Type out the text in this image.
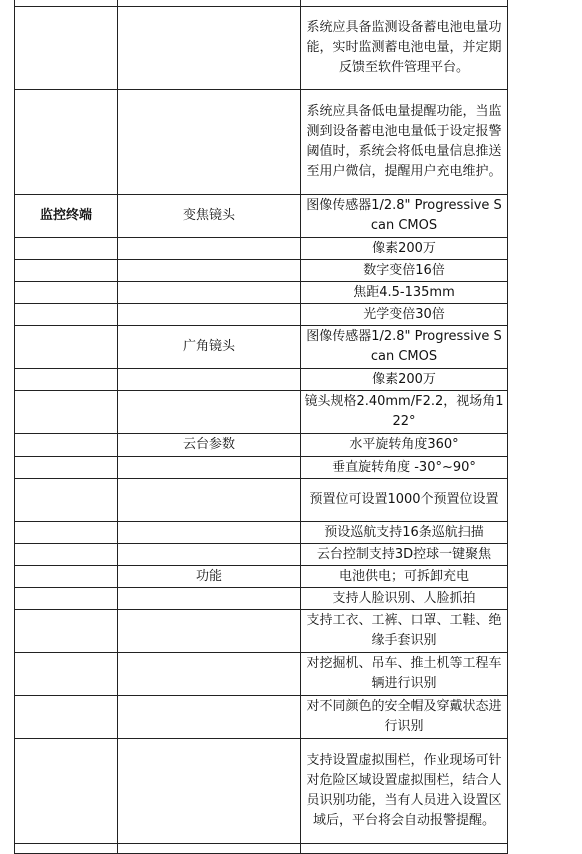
		系统应具备监测设备蓄电池电量功能，实时监测蓄电池电量，并定期反馈至软件管理平台。
		系统应具备低电量提醒功能，当监测到设备蓄电池电量低于设定报警阈值时，系统会将低电量信息推送至用户微信，提醒用户充电维护。
监控终端	变焦镜头	图像传感器1/2.8" Progressive Scan CMOS
		像素200万
		数字变倍16倍
		焦距4.5-135mm
		光学变倍30倍
	广角镜头	图像传感器1/2.8" Progressive Scan CMOS
		像素200万
		镜头规格2.40mm/F2.2，视场角122°
	云台参数	水平旋转角度360°
		垂直旋转角度 -30°~90°
		预置位可设置1000个预置位设置
		预设巡航支持16条巡航扫描
		云台控制支持3D控球一键聚焦
	功能	电池供电；可拆卸充电
		支持人脸识别、人脸抓拍
		支持工衣、工裤、口罩、工鞋、绝缘手套识别
		对挖掘机、吊车、推土机等工程车辆进行识别
		对不同颜色的安全帽及穿戴状态进行识别
		支持设置虚拟围栏，作业现场可针对危险区域设置虚拟围栏，结合人员识别功能，当有人员进入设置区域后，平台将会自动报警提醒。
